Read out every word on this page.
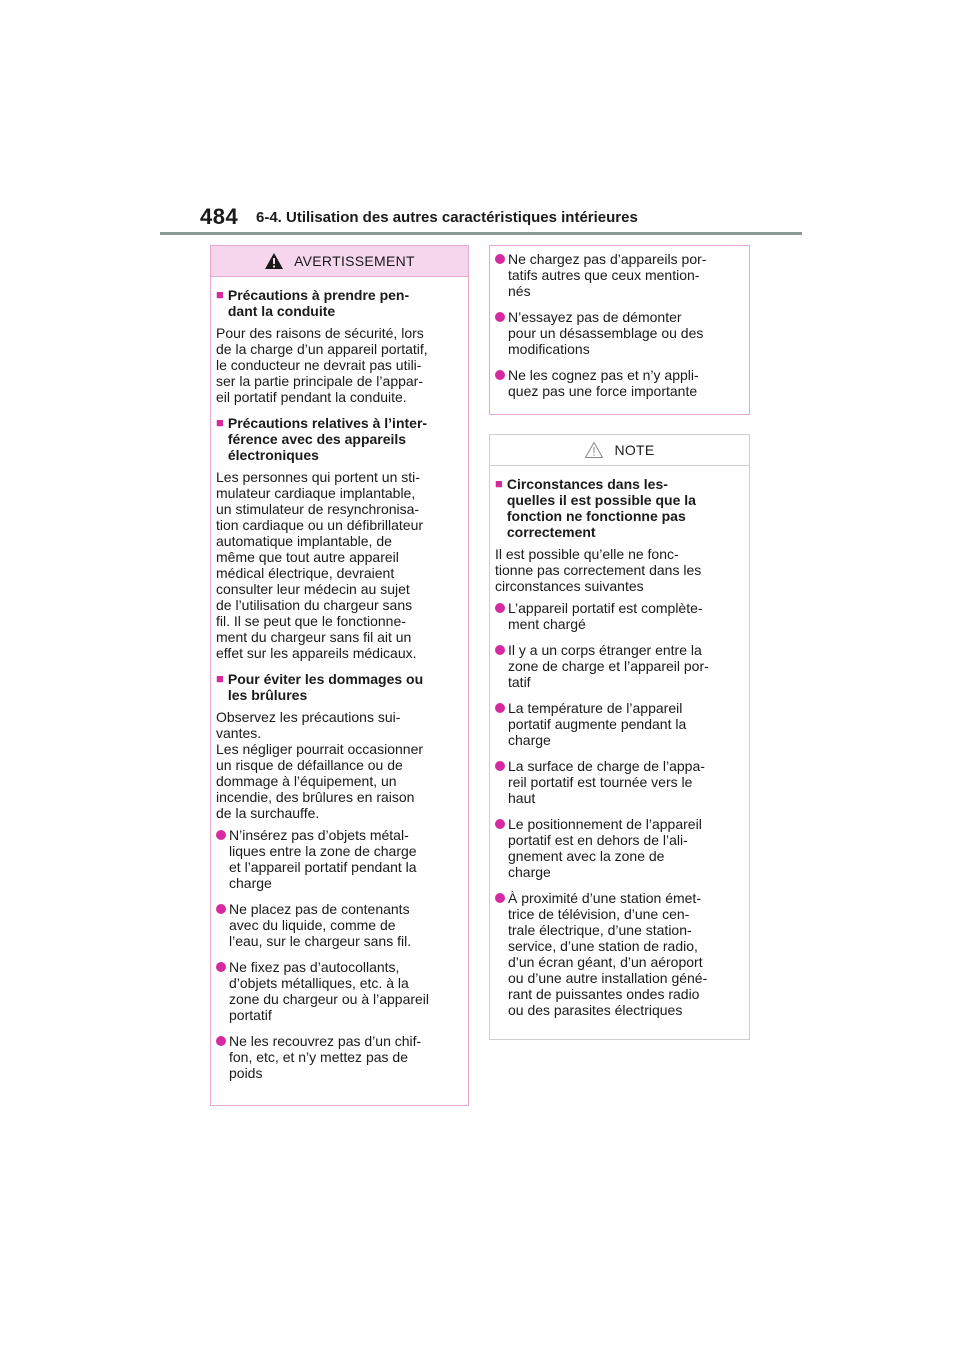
484 6-4. Utilisation des autres caractéristiques intérieures
AVERTISSEMENT
■ Précautions à prendre pen-
dant la conduite
Pour des raisons de sécurité, lors
de la charge d’un appareil portatif,
le conducteur ne devrait pas utili-
ser la partie principale de l’appar-
eil portatif pendant la conduite.
■ Précautions relatives à l’inter-
férence avec des appareils
électroniques
Les personnes qui portent un sti-
mulateur cardiaque implantable,
un stimulateur de resynchronisa-
tion cardiaque ou un défibrillateur
automatique implantable, de
même que tout autre appareil
médical électrique, devraient
consulter leur médecin au sujet
de l’utilisation du chargeur sans
fil. Il se peut que le fonctionne-
ment du chargeur sans fil ait un
effet sur les appareils médicaux.
■ Pour éviter les dommages ou
les brûlures
Observez les précautions sui-
vantes.
Les négliger pourrait occasionner
un risque de défaillance ou de
dommage à l’équipement, un
incendie, des brûlures en raison
de la surchauffe.
N’insérez pas d’objets métal-
liques entre la zone de charge
et l’appareil portatif pendant la
charge
Ne placez pas de contenants
avec du liquide, comme de
l’eau, sur le chargeur sans fil.
Ne fixez pas d’autocollants,
d’objets métalliques, etc. à la
zone du chargeur ou à l’appareil
portatif
Ne les recouvrez pas d’un chif-
fon, etc, et n’y mettez pas de
poids
Ne chargez pas d’appareils por-
tatifs autres que ceux mention-
nés
N’essayez pas de démonter
pour un désassemblage ou des
modifications
Ne les cognez pas et n’y appli-
quez pas une force importante
NOTE
■ Circonstances dans les-
quelles il est possible que la
fonction ne fonctionne pas
correctement
Il est possible qu’elle ne fonc-
tionne pas correctement dans les
circonstances suivantes
L’appareil portatif est complète-
ment chargé
Il y a un corps étranger entre la
zone de charge et l’appareil por-
tatif
La température de l’appareil
portatif augmente pendant la
charge
La surface de charge de l’appa-
reil portatif est tournée vers le
haut
Le positionnement de l’appareil
portatif est en dehors de l’ali-
gnement avec la zone de
charge
À proximité d’une station émet-
trice de télévision, d’une cen-
trale électrique, d’une station-
service, d’une station de radio,
d’un écran géant, d’un aéroport
ou d’une autre installation géné-
rant de puissantes ondes radio
ou des parasites électriques
